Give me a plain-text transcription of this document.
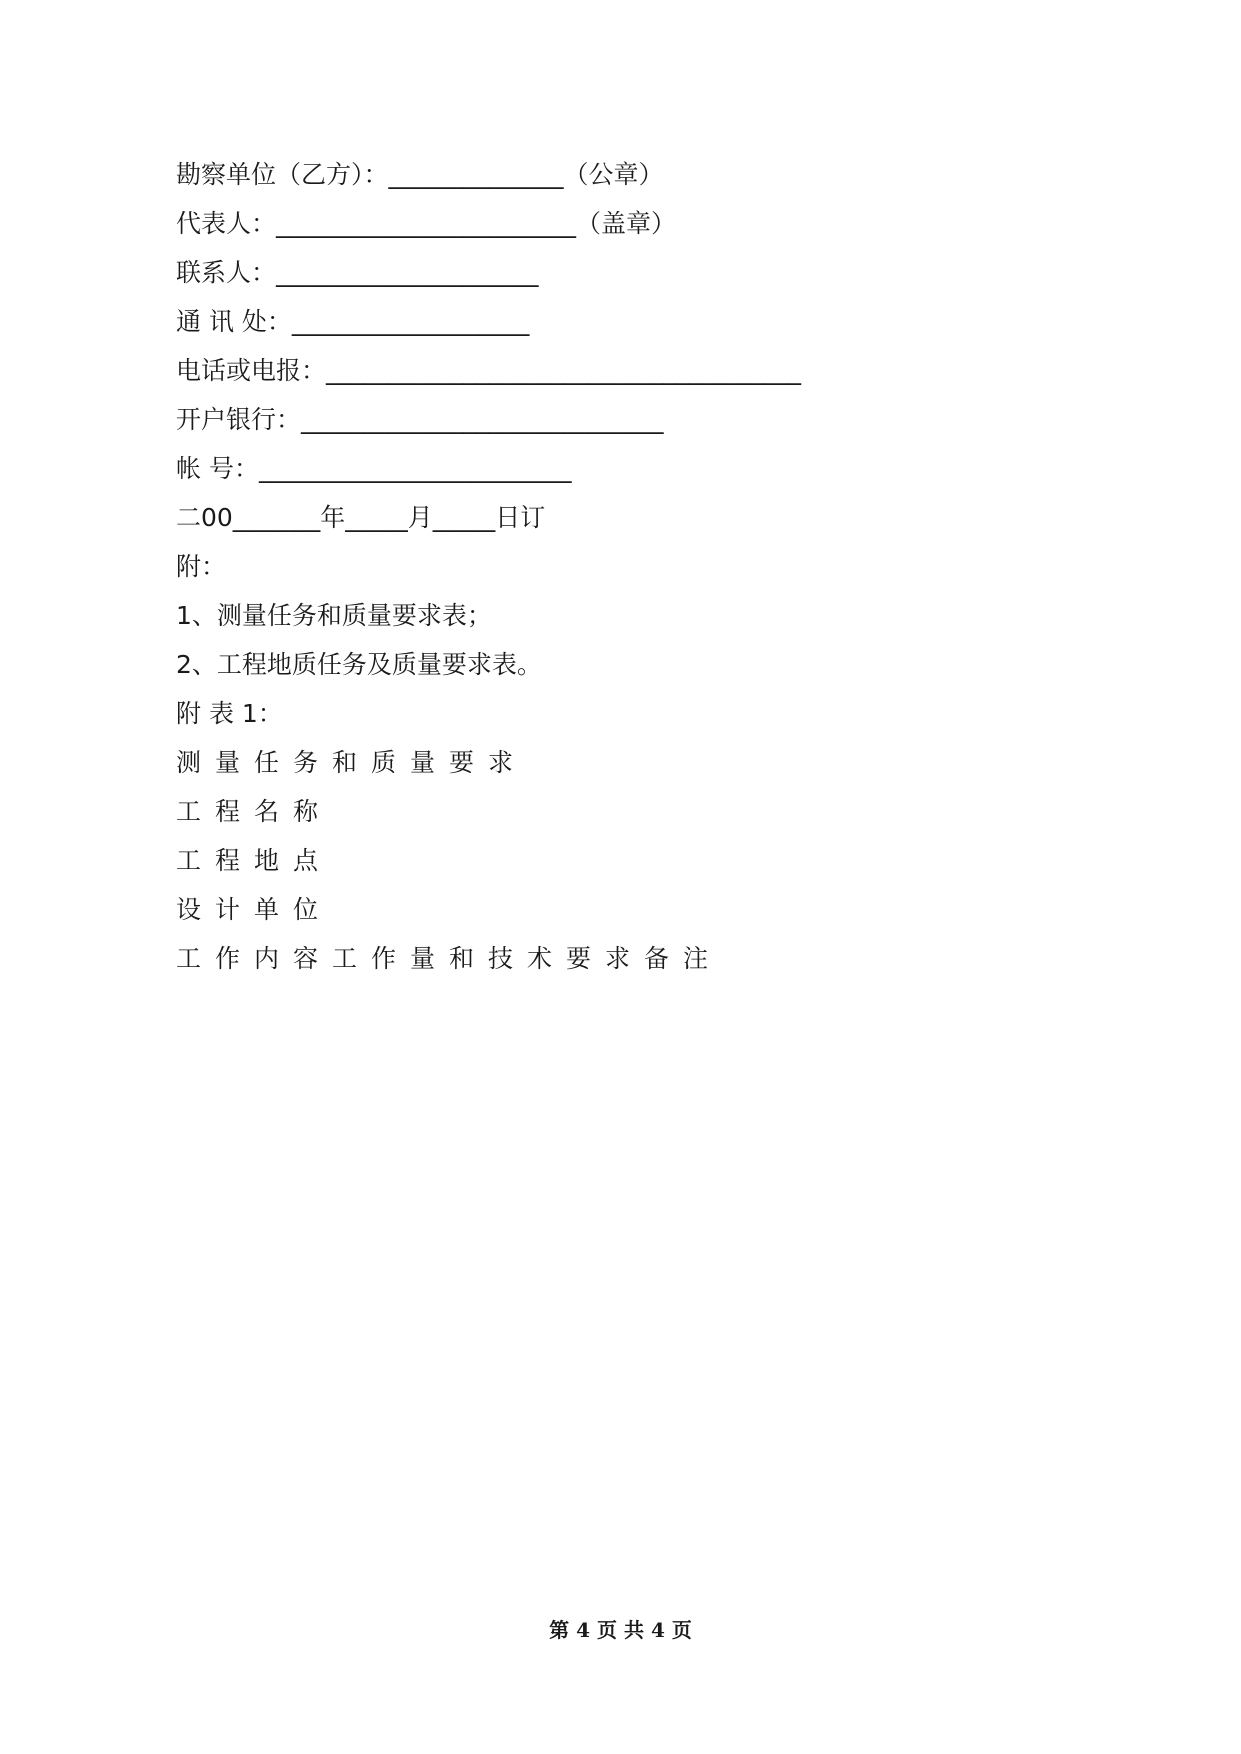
勘察单位（乙方）：______________（公章）
代表人：________________________（盖章）
联系人：_____________________
通 讯 处：___________________
电话或电报：______________________________________
开户银行：_____________________________
帐 号：_________________________
二00_______年_____月_____日订
附：
1、测量任务和质量要求表；
2、工程地质任务及质量要求表。
附 表 1：
测量任务和质量要求
工程名称
工程地点
设计单位
工作内容工作量和技术要求备注
第 4 页 共 4 页
